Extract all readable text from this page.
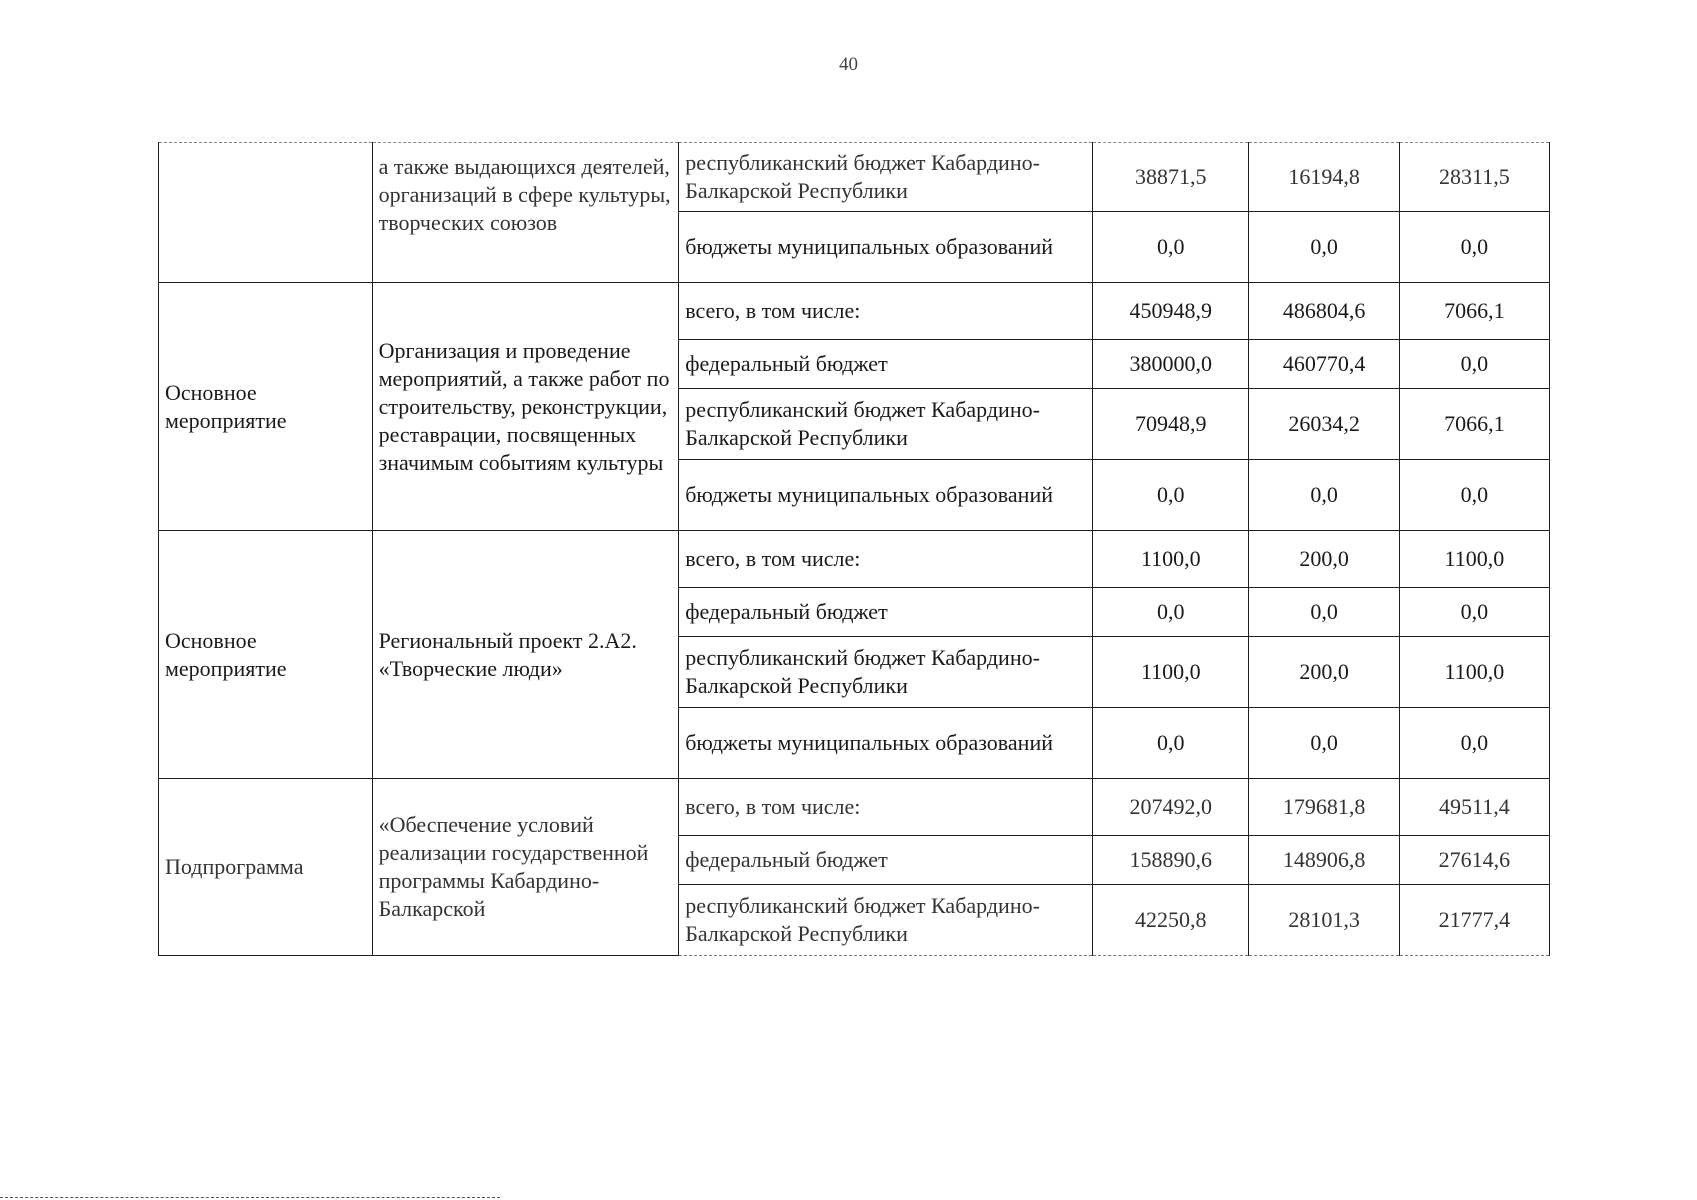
40
	а также выдающихся деятелей, организаций в сфере культуры, творческих союзов	республиканский бюджет Кабардино-Балкарской Республики	38871,5	16194,8	28311,5
		бюджеты муниципальных образований	0,0	0,0	0,0
Основное мероприятие	Организация и проведение мероприятий, а также работ по строительству, реконструкции, реставрации, посвященных значимым событиям культуры	всего, в том числе:	450948,9	486804,6	7066,1
		федеральный бюджет	380000,0	460770,4	0,0
		республиканский бюджет Кабардино-Балкарской Республики	70948,9	26034,2	7066,1
		бюджеты муниципальных образований	0,0	0,0	0,0
Основное мероприятие	Региональный проект 2.А2. «Творческие люди»	всего, в том числе:	1100,0	200,0	1100,0
		федеральный бюджет	0,0	0,0	0,0
		республиканский бюджет Кабардино-Балкарской Республики	1100,0	200,0	1100,0
		бюджеты муниципальных образований	0,0	0,0	0,0
Подпрограмма	«Обеспечение условий реализации государственной программы Кабардино-Балкарской	всего, в том числе:	207492,0	179681,8	49511,4
		федеральный бюджет	158890,6	148906,8	27614,6
		республиканский бюджет Кабардино-Балкарской Республики	42250,8	28101,3	21777,4
